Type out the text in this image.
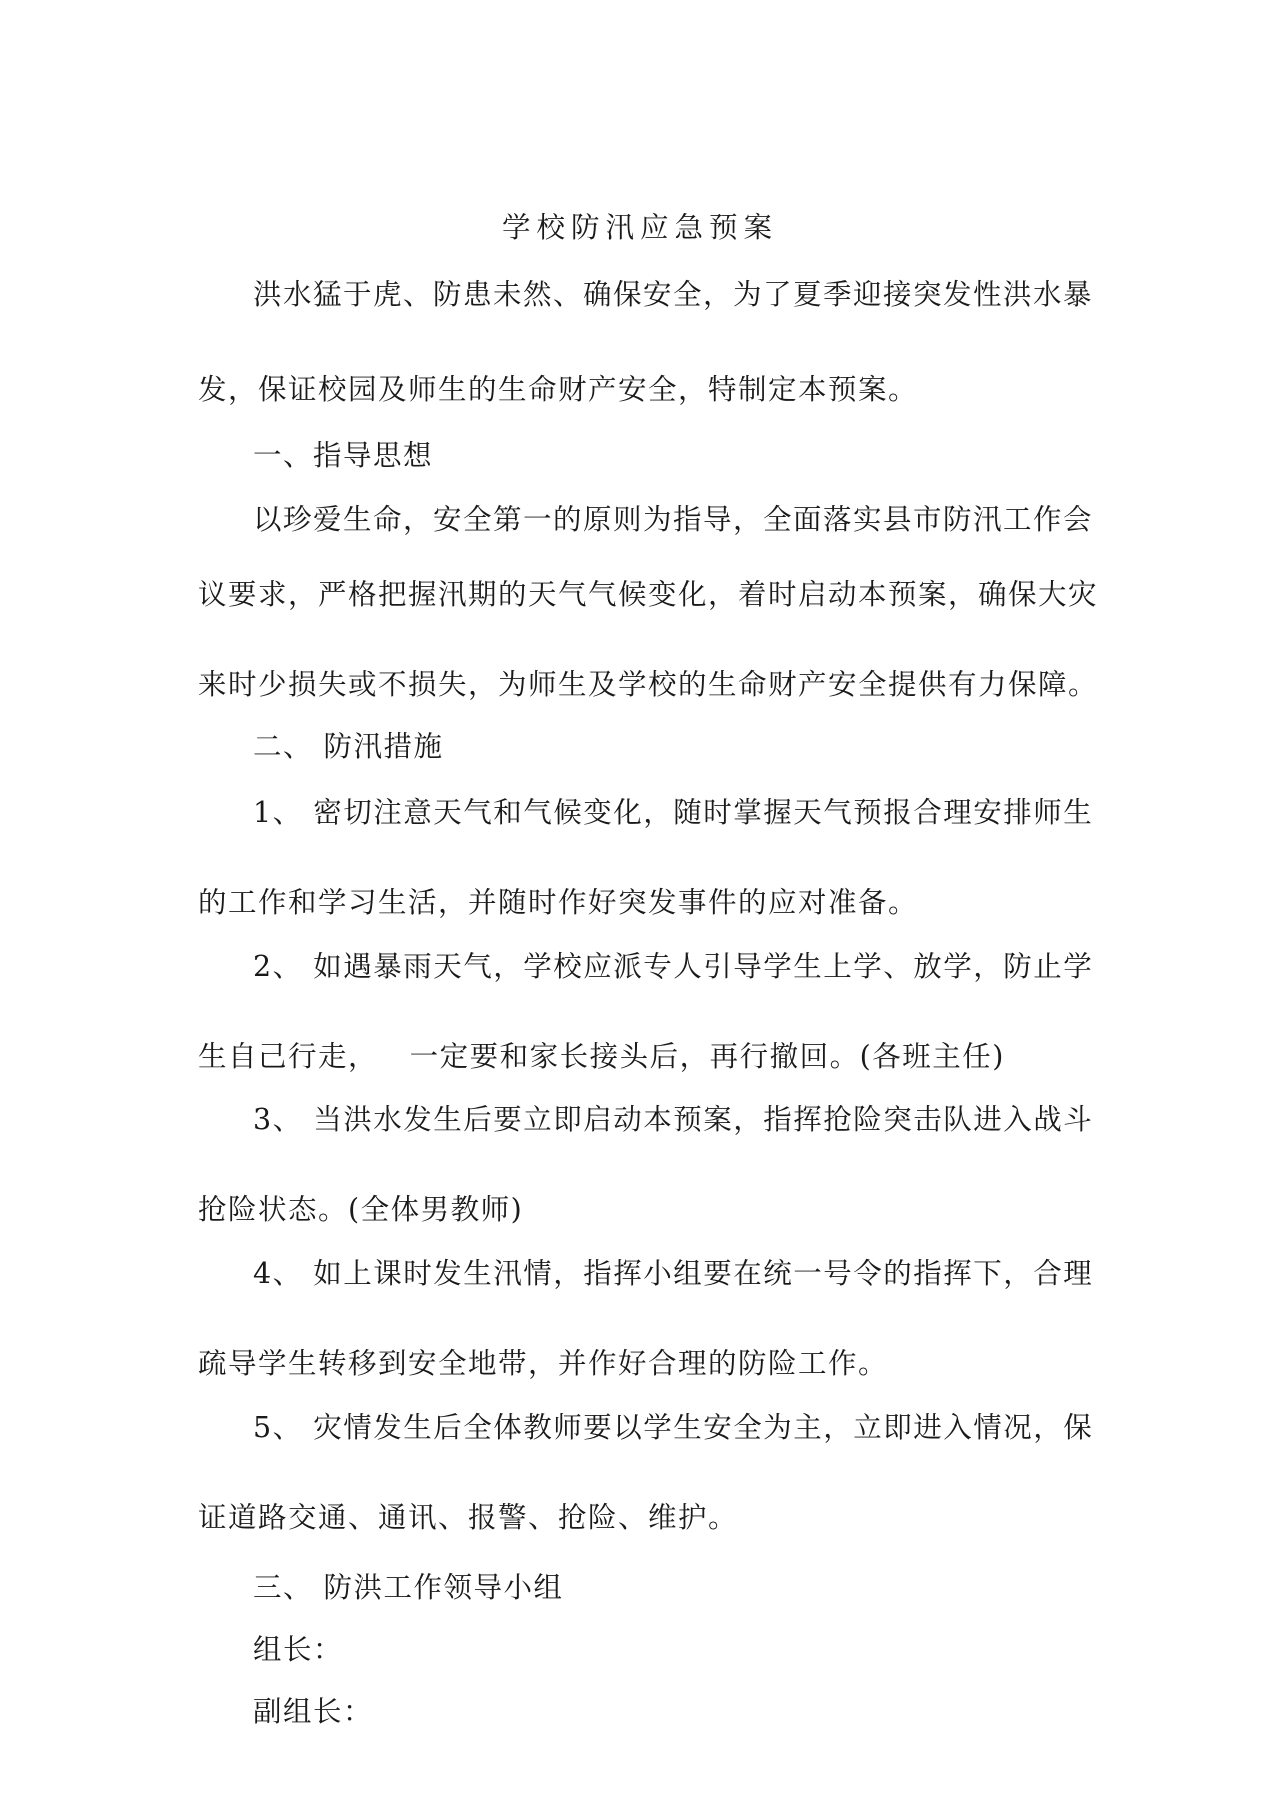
学校防汛应急预案
洪水猛于虎、防患未然、确保安全，为了夏季迎接突发性洪水暴
发，保证校园及师生的生命财产安全，特制定本预案。
一、指导思想
以珍爱生命，安全第一的原则为指导，全面落实县市防汛工作会
议要求，严格把握汛期的天气气候变化，着时启动本预案，确保大灾
来时少损失或不损失，为师生及学校的生命财产安全提供有力保障。
二、 防汛措施
1、 密切注意天气和气候变化，随时掌握天气预报合理安排师生
的工作和学习生活，并随时作好突发事件的应对准备。
2、 如遇暴雨天气，学校应派专人引导学生上学、放学，防止学
生自己行走，   一定要和家长接头后，再行撤回。(各班主任)
3、 当洪水发生后要立即启动本预案，指挥抢险突击队进入战斗
抢险状态。(全体男教师)
4、 如上课时发生汛情，指挥小组要在统一号令的指挥下，合理
疏导学生转移到安全地带，并作好合理的防险工作。
5、 灾情发生后全体教师要以学生安全为主，立即进入情况，保
证道路交通、通讯、报警、抢险、维护。
三、 防洪工作领导小组
组长：
副组长：
